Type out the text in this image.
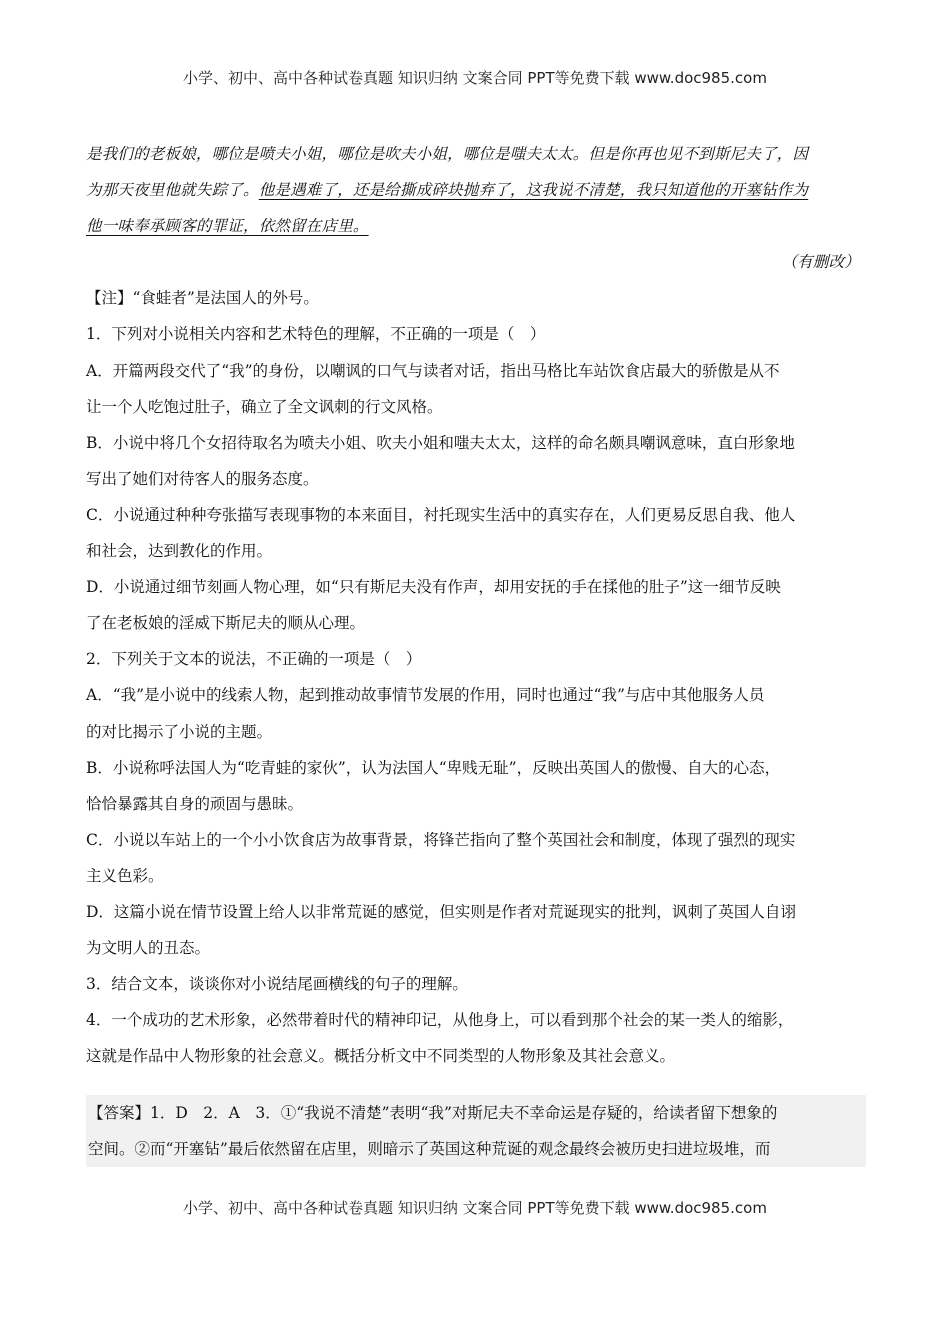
小学、初中、高中各种试卷真题 知识归纳 文案合同 PPT等免费下载 www.doc985.com
是我们的老板娘，哪位是喷夫小姐，哪位是吹夫小姐，哪位是嗤夫太太。但是你再也见不到斯尼夫了，因
为那天夜里他就失踪了。他是遇难了，还是给撕成碎块抛弃了，这我说不清楚，我只知道他的开塞钻作为
他一味奉承顾客的罪证，依然留在店里。
（有删改）
【注】“食蛙者”是法国人的外号。
1．下列对小说相关内容和艺术特色的理解，不正确的一项是（　）
A．开篇两段交代了“我”的身份，以嘲讽的口气与读者对话，指出马格比车站饮食店最大的骄傲是从不
让一个人吃饱过肚子，确立了全文讽刺的行文风格。
B．小说中将几个女招待取名为喷夫小姐、吹夫小姐和嗤夫太太，这样的命名颇具嘲讽意味，直白形象地
写出了她们对待客人的服务态度。
C．小说通过种种夸张描写表现事物的本来面目，衬托现实生活中的真实存在，人们更易反思自我、他人
和社会，达到教化的作用。
D．小说通过细节刻画人物心理，如“只有斯尼夫没有作声，却用安抚的手在揉他的肚子”这一细节反映
了在老板娘的淫威下斯尼夫的顺从心理。
2．下列关于文本的说法，不正确的一项是（　）
A．“我”是小说中的线索人物，起到推动故事情节发展的作用，同时也通过“我”与店中其他服务人员
的对比揭示了小说的主题。
B．小说称呼法国人为“吃青蛙的家伙”，认为法国人“卑贱无耻”，反映出英国人的傲慢、自大的心态，
恰恰暴露其自身的顽固与愚昧。
C．小说以车站上的一个小小饮食店为故事背景，将锋芒指向了整个英国社会和制度，体现了强烈的现实
主义色彩。
D．这篇小说在情节设置上给人以非常荒诞的感觉，但实则是作者对荒诞现实的批判，讽刺了英国人自诩
为文明人的丑态。
3．结合文本，谈谈你对小说结尾画横线的句子的理解。
4．一个成功的艺术形象，必然带着时代的精神印记，从他身上，可以看到那个社会的某一类人的缩影，
这就是作品中人物形象的社会意义。概括分析文中不同类型的人物形象及其社会意义。
【答案】1．D　2．A　3．①“我说不清楚”表明“我”对斯尼夫不幸命运是存疑的，给读者留下想象的
空间。②而“开塞钻”最后依然留在店里，则暗示了英国这种荒诞的观念最终会被历史扫进垃圾堆，而
小学、初中、高中各种试卷真题 知识归纳 文案合同 PPT等免费下载 www.doc985.com
